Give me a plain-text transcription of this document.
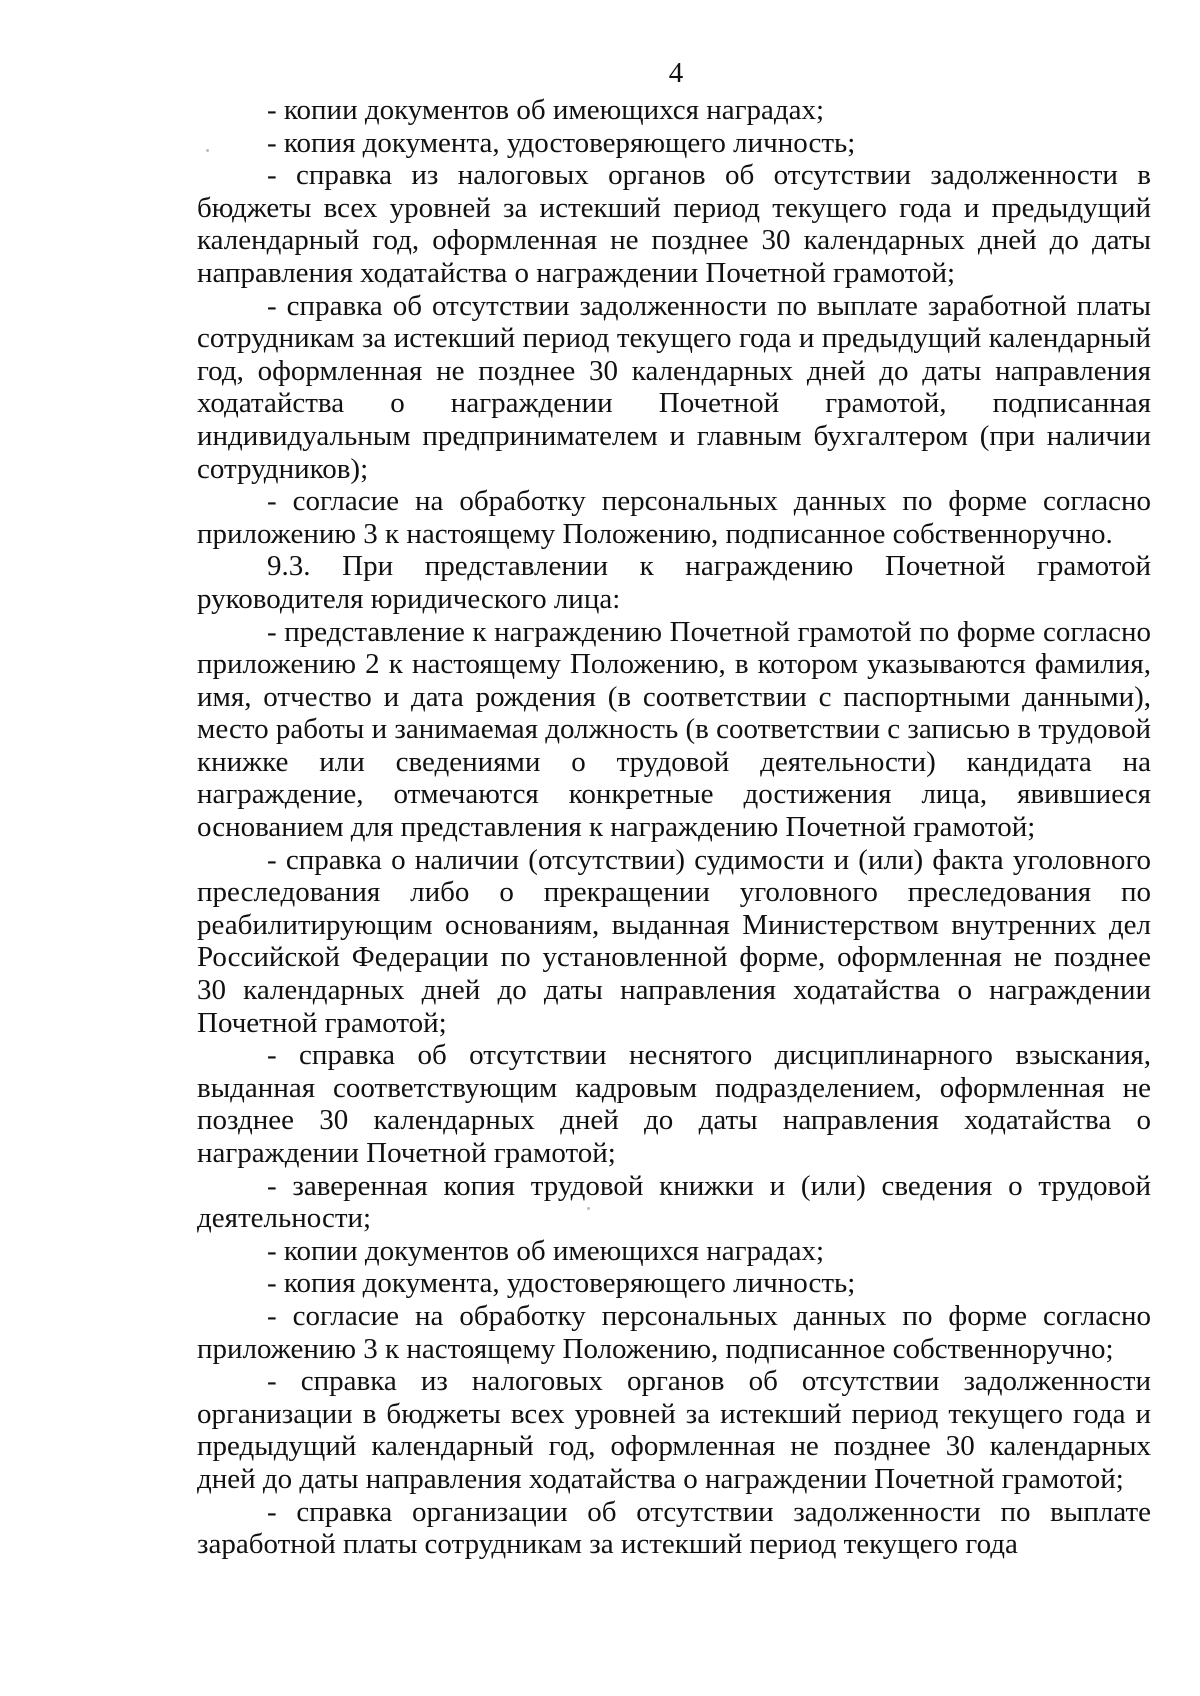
4

- копии документов об имеющихся наградах;

- копия документа, удостоверяющего личность;

- справка из налоговых органов об отсутствии задолженности в бюджеты всех уровней за истекший период текущего года и предыдущий календарный год, оформленная не позднее 30 календарных дней до даты направления ходатайства о награждении Почетной грамотой;

- справка об отсутствии задолженности по выплате заработной платы сотрудникам за истекший период текущего года и предыдущий календарный год, оформленная не позднее 30 календарных дней до даты направления ходатайства о награждении Почетной грамотой, подписанная индивидуальным предпринимателем и главным бухгалтером (при наличии сотрудников);

- согласие на обработку персональных данных по форме согласно приложению 3 к настоящему Положению, подписанное собственноручно.

9.3. При представлении к награждению Почетной грамотой руководителя юридического лица:

- представление к награждению Почетной грамотой по форме согласно приложению 2 к настоящему Положению, в котором указываются фамилия, имя, отчество и дата рождения (в соответствии с паспортными данными), место работы и занимаемая должность (в соответствии с записью в трудовой книжке или сведениями о трудовой деятельности) кандидата на награждение, отмечаются конкретные достижения лица, явившиеся основанием для представления к награждению Почетной грамотой;

- справка о наличии (отсутствии) судимости и (или) факта уголовного преследования либо о прекращении уголовного преследования по реабилитирующим основаниям, выданная Министерством внутренних дел Российской Федерации по установленной форме, оформленная не позднее 30 календарных дней до даты направления ходатайства о награждении Почетной грамотой;

- справка об отсутствии неснятого дисциплинарного взыскания, выданная соответствующим кадровым подразделением, оформленная не позднее 30 календарных дней до даты направления ходатайства о награждении Почетной грамотой;

- заверенная копия трудовой книжки и (или) сведения о трудовой деятельности;

- копии документов об имеющихся наградах;

- копия документа, удостоверяющего личность;

- согласие на обработку персональных данных по форме согласно приложению 3 к настоящему Положению, подписанное собственноручно;

- справка из налоговых органов об отсутствии задолженности организации в бюджеты всех уровней за истекший период текущего года и предыдущий календарный год, оформленная не позднее 30 календарных дней до даты направления ходатайства о награждении Почетной грамотой;

- справка организации об отсутствии задолженности по выплате заработной платы сотрудникам за истекший период текущего года
